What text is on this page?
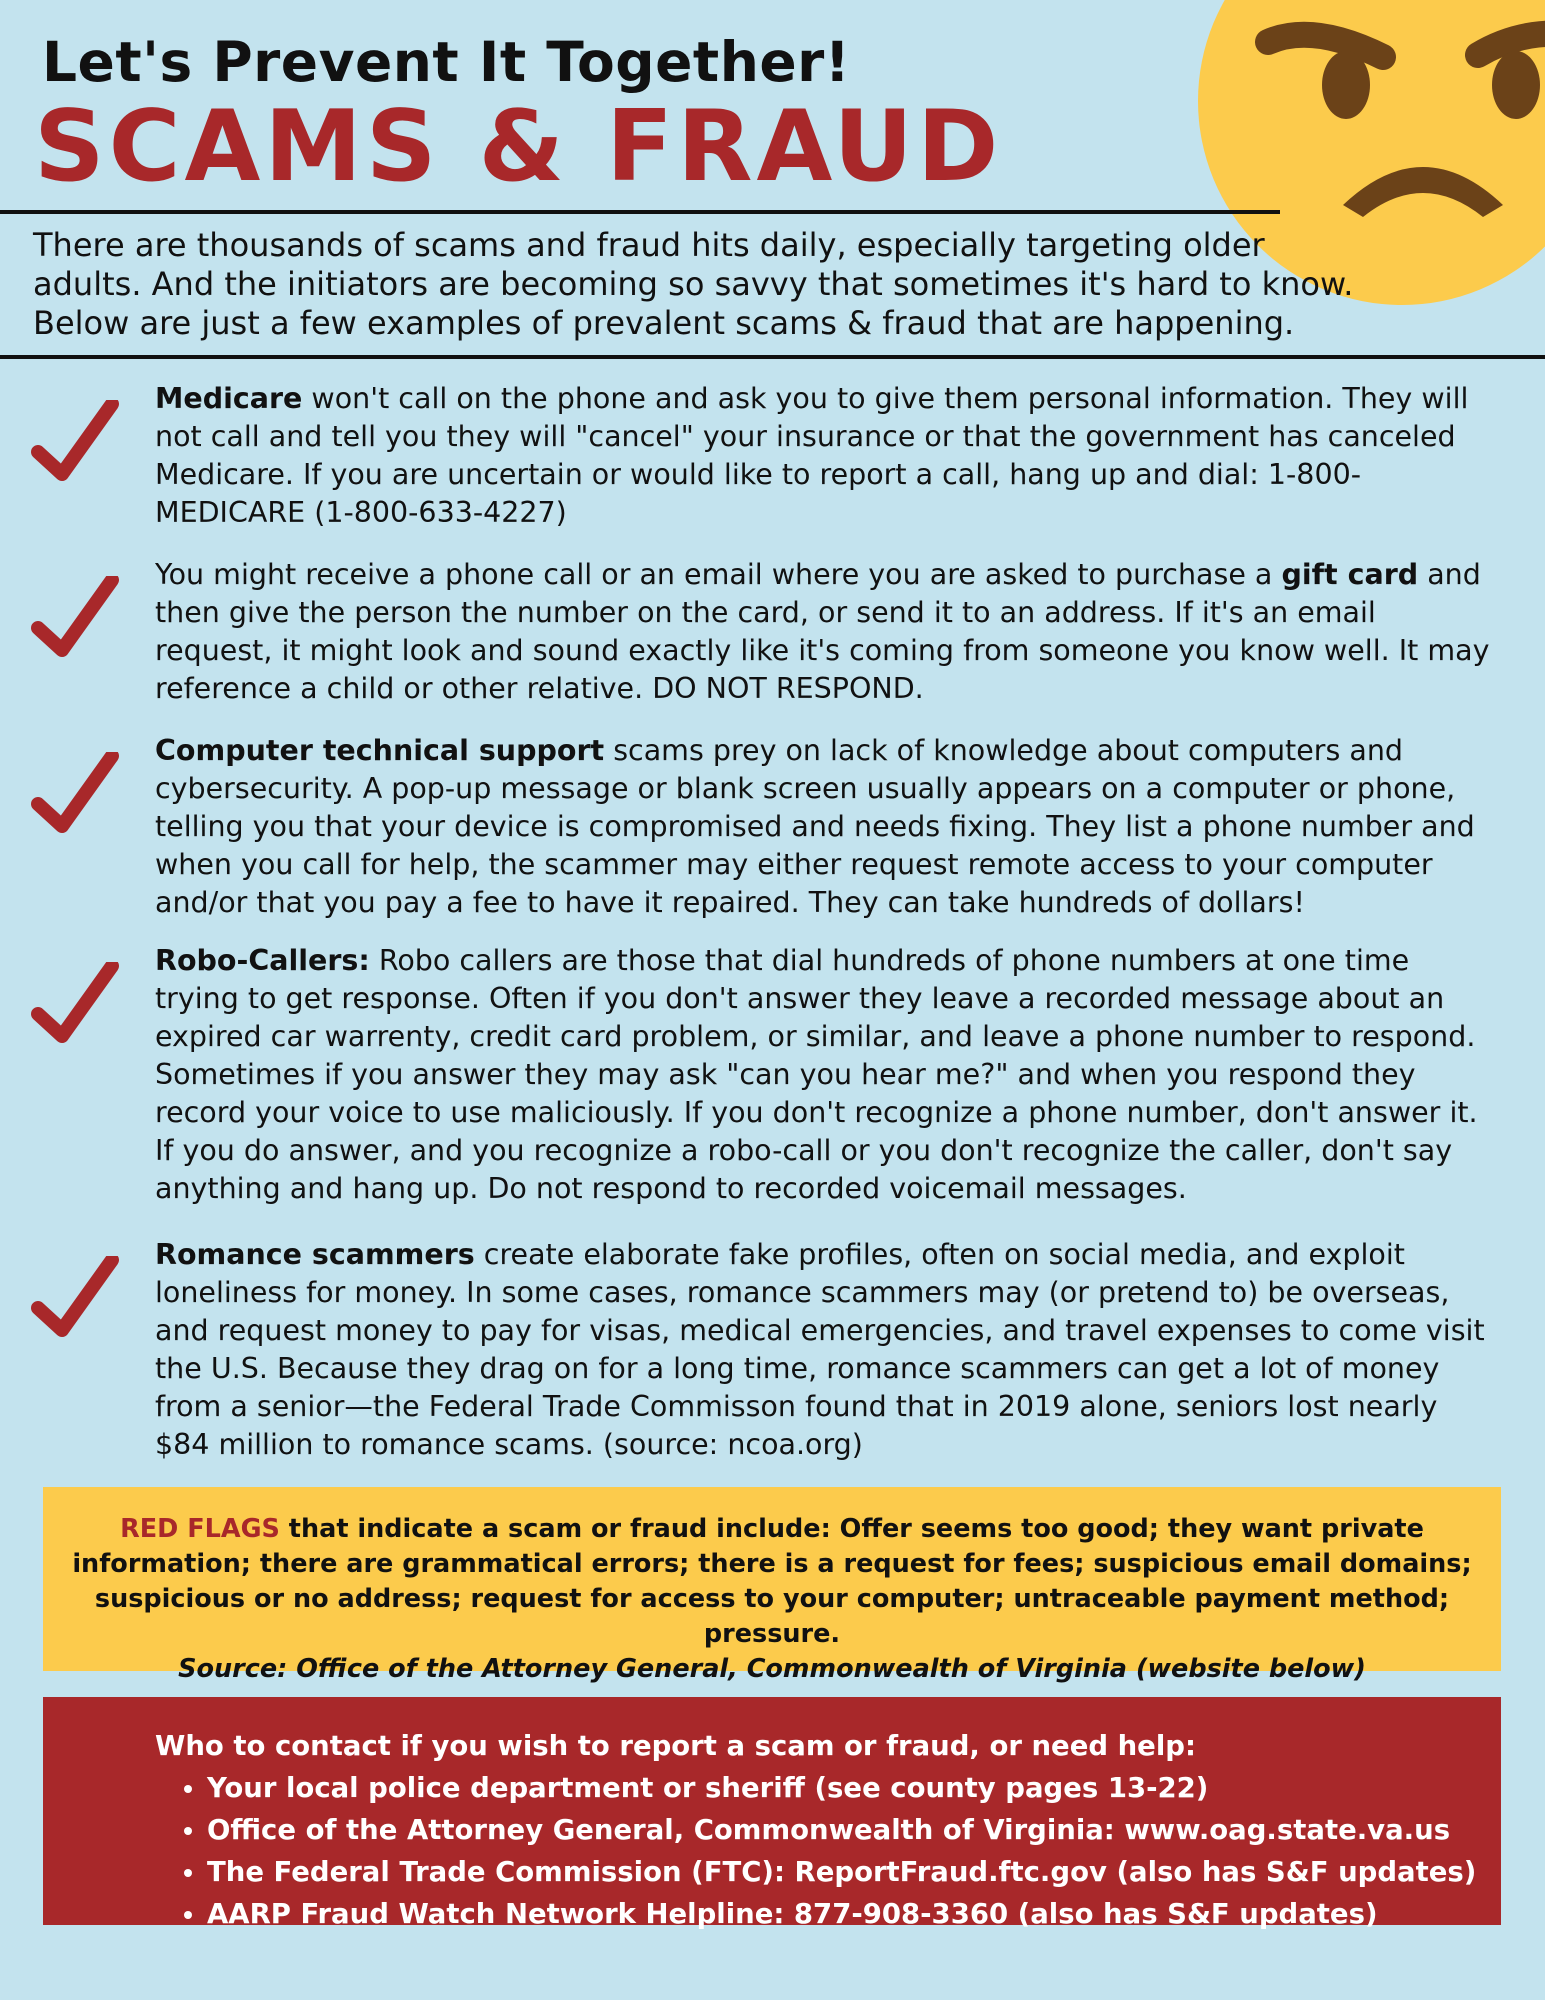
Let's Prevent It Together!
SCAMS & FRAUD

There are thousands of scams and fraud hits daily, especially targeting older

adults. And the initiators are becoming so savvy that sometimes it's hard to know.

Below are just a few examples of prevalent scams & fraud that are happening.

Medicare won't call on the phone and ask you to give them personal information. They will not call and tell you they will "cancel" your insurance or that the government has canceled Medicare. If you are uncertain or would like to report a call, hang up and dial: 1-800-MEDICARE (1-800-633-4227)

You might receive a phone call or an email where you are asked to purchase a gift card and then give the person the number on the card, or send it to an address. If it's an email request, it might look and sound exactly like it's coming from someone you know well. It may reference a child or other relative. DO NOT RESPOND.

Computer technical support scams prey on lack of knowledge about computers and cybersecurity. A pop-up message or blank screen usually appears on a computer or phone, telling you that your device is compromised and needs fixing. They list a phone number and when you call for help, the scammer may either request remote access to your computer and/or that you pay a fee to have it repaired. They can take hundreds of dollars!

Robo-Callers: Robo callers are those that dial hundreds of phone numbers at one time trying to get response. Often if you don't answer they leave a recorded message about an expired car warrenty, credit card problem, or similar, and leave a phone number to respond. Sometimes if you answer they may ask "can you hear me?" and when you respond they record your voice to use maliciously. If you don't recognize a phone number, don't answer it. If you do answer, and you recognize a robo-call or you don't recognize the caller, don't say anything and hang up. Do not respond to recorded voicemail messages.

Romance scammers create elaborate fake profiles, often on social media, and exploit loneliness for money. In some cases, romance scammers may (or pretend to) be overseas, and request money to pay for visas, medical emergencies, and travel expenses to come visit the U.S. Because they drag on for a long time, romance scammers can get a lot of money from a senior—the Federal Trade Commisson found that in 2019 alone, seniors lost nearly $84 million to romance scams. (source: ncoa.org)

RED FLAGS that indicate a scam or fraud include: Offer seems too good; they want private information; there are grammatical errors; there is a request for fees; suspicious email domains; suspicious or no address; request for access to your computer; untraceable payment method; pressure.
Source: Office of the Attorney General, Commonwealth of Virginia (website below)
Who to contact if you wish to report a scam or fraud, or need help:
• Your local police department or sheriff (see county pages 13-22)
• Office of the Attorney General, Commonwealth of Virginia: www.oag.state.va.us
• The Federal Trade Commission (FTC): ReportFraud.ftc.gov (also has S&F updates)
• AARP Fraud Watch Network Helpline: 877-908-3360 (also has S&F updates)
